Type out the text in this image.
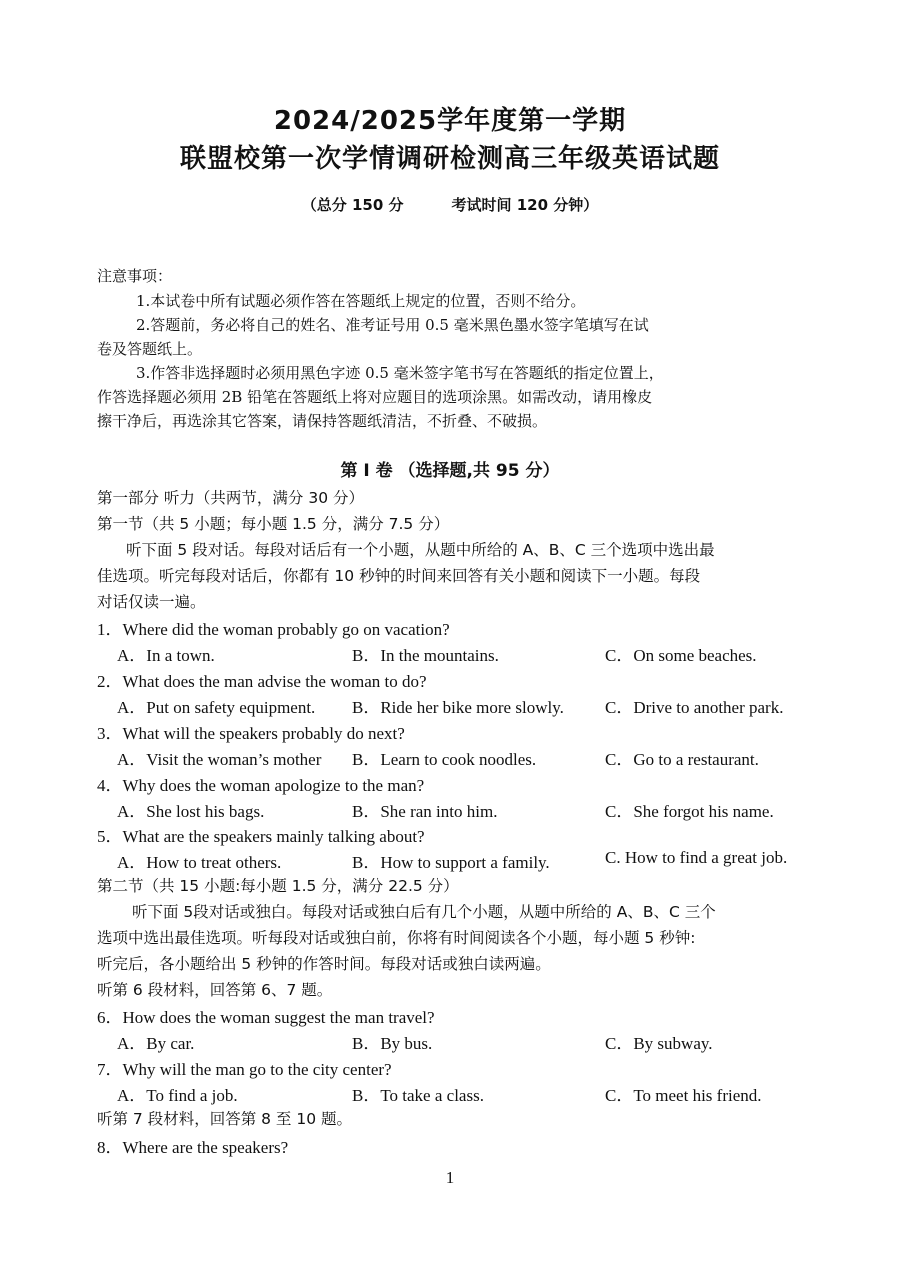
2024/2025学年度第一学期
联盟校第一次学情调研检测高三年级英语试题
（总分 150 分	考试时间 120 分钟）
注意事项：
1.本试卷中所有试题必须作答在答题纸上规定的位置，否则不给分。
2.答题前，务必将自己的姓名、准考证号用 0.5 毫米黑色墨水签字笔填写在试
卷及答题纸上。
3.作答非选择题时必须用黑色字迹 0.5 毫米签字笔书写在答题纸的指定位置上，
作答选择题必须用 2B 铅笔在答题纸上将对应题目的选项涂黑。如需改动，请用橡皮
擦干净后，再选涂其它答案，请保持答题纸清洁，不折叠、不破损。
第 Ⅰ 卷 （选择题,共 95 分）
第一部分 听力（共两节，满分 30 分）
第一节（共 5 小题；每小题 1.5 分，满分 7.5 分）
听下面 5 段对话。每段对话后有一个小题，从题中所给的 A、B、C 三个选项中选出最
佳选项。听完每段对话后，你都有 10 秒钟的时间来回答有关小题和阅读下一小题。每段
对话仅读一遍。
1．Where did the woman probably go on vacation?
A．In a town.	B．In the mountains.	C．On some beaches.
2．What does the man advise the woman to do?
A．Put on safety equipment. B．Ride her bike more slowly. C．Drive to another park.
3．What will the speakers probably do next?
A．Visit the woman’s mother B．Learn to cook noodles.	C．Go to a restaurant.
4．Why does the woman apologize to the man?
A．She lost his bags.	B．She ran into him.	C．She forgot his name.
5．What are the speakers mainly talking about?
A．How to treat others.	B．How to support a family.	C. How to find a great job.
第二节（共 15 小题:每小题 1.5 分，满分 22.5 分）
听下面 5段对话或独白。每段对话或独白后有几个小题，从题中所给的 A、B、C 三个
选项中选出最佳选项。听每段对话或独白前，你将有时间阅读各个小题，每小题 5 秒钟:
听完后，各小题给出 5 秒钟的作答时间。每段对话或独白读两遍。
听第 6 段材料，回答第 6、7 题。
6．How does the woman suggest the man travel?
A．By car.	B．By bus.	C．By subway.
7．Why will the man go to the city center?
A．To find a job.	B．To take a class.	C．To meet his friend.
听第 7 段材料，回答第 8 至 10 题。
8．Where are the speakers?
1
